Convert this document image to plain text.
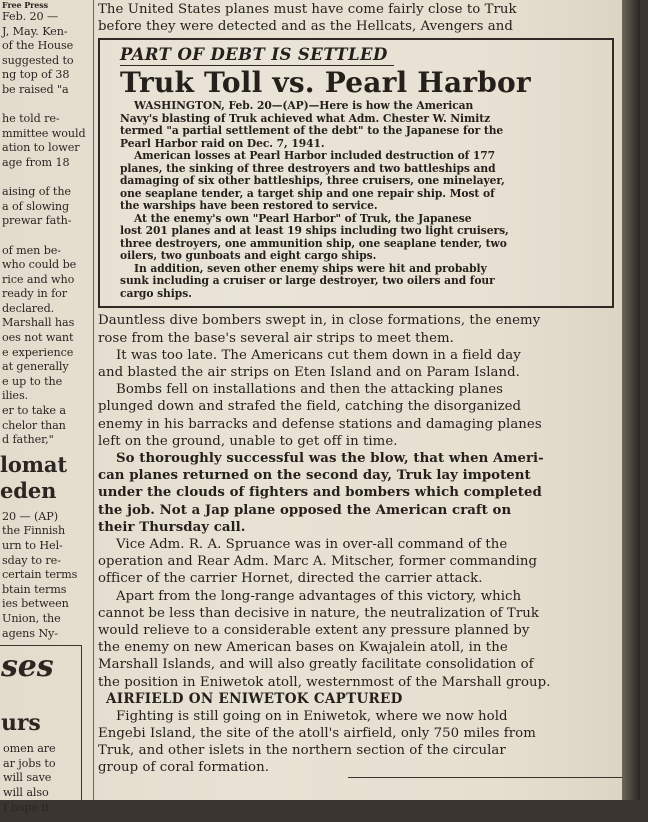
Free Press
Feb. 20 —
J, May. Ken-
of the House
suggested to
ng top of 38
be raised "a

he told re-
mmittee would
ation to lower
age from 18

aising of the
a of slowing
prewar fath-

of men be-
who could be
rice and who
ready in for
declared.
Marshall has
oes not want
e experience
at generally
e up to the
ilies.
er to take a
chelor than
d father,"
lomat
eden
20 — (AP)
the Finnish
urn to Hel-
sday to re-
certain terms
btain terms
ies between
Union, the
agens Ny-
ses
urs
omen are
ar jobs to
will save
will also
I hope it
The United States planes must have come fairly close to Truk
before they were detected and as the Hellcats, Avengers and
PART OF DEBT IS SETTLED
Truk Toll vs. Pearl Harbor
WASHINGTON, Feb. 20—(AP)—Here is how the American
Navy's blasting of Truk achieved what Adm. Chester W. Nimitz
termed "a partial settlement of the debt" to the Japanese for the
Pearl Harbor raid on Dec. 7, 1941.
American losses at Pearl Harbor included destruction of 177
planes, the sinking of three destroyers and two battleships and
damaging of six other battleships, three cruisers, one minelayer,
one seaplane tender, a target ship and one repair ship. Most of
the warships have been restored to service.
At the enemy's own "Pearl Harbor" of Truk, the Japanese
lost 201 planes and at least 19 ships including two light cruisers,
three destroyers, one ammunition ship, one seaplane tender, two
oilers, two gunboats and eight cargo ships.
In addition, seven other enemy ships were hit and probably
sunk including a cruiser or large destroyer, two oilers and four
cargo ships.
Dauntless dive bombers swept in, in close formations, the enemy
rose from the base's several air strips to meet them.
It was too late. The Americans cut them down in a field day
and blasted the air strips on Eten Island and on Param Island.
Bombs fell on installations and then the attacking planes
plunged down and strafed the field, catching the disorganized
enemy in his barracks and defense stations and damaging planes
left on the ground, unable to get off in time.
So thoroughly successful was the blow, that when Ameri-
can planes returned on the second day, Truk lay impotent
under the clouds of fighters and bombers which completed
the job. Not a Jap plane opposed the American craft on
their Thursday call.
Vice Adm. R. A. Spruance was in over-all command of the
operation and Rear Adm. Marc A. Mitscher, former commanding
officer of the carrier Hornet, directed the carrier attack.
Apart from the long-range advantages of this victory, which
cannot be less than decisive in nature, the neutralization of Truk
would relieve to a considerable extent any pressure planned by
the enemy on new American bases on Kwajalein atoll, in the
Marshall Islands, and will also greatly facilitate consolidation of
the position in Eniwetok atoll, westernmost of the Marshall group.
AIRFIELD ON ENIWETOK CAPTURED
Fighting is still going on in Eniwetok, where we now hold
Engebi Island, the site of the atoll's airfield, only 750 miles from
Truk, and other islets in the northern section of the circular
group of coral formation.
